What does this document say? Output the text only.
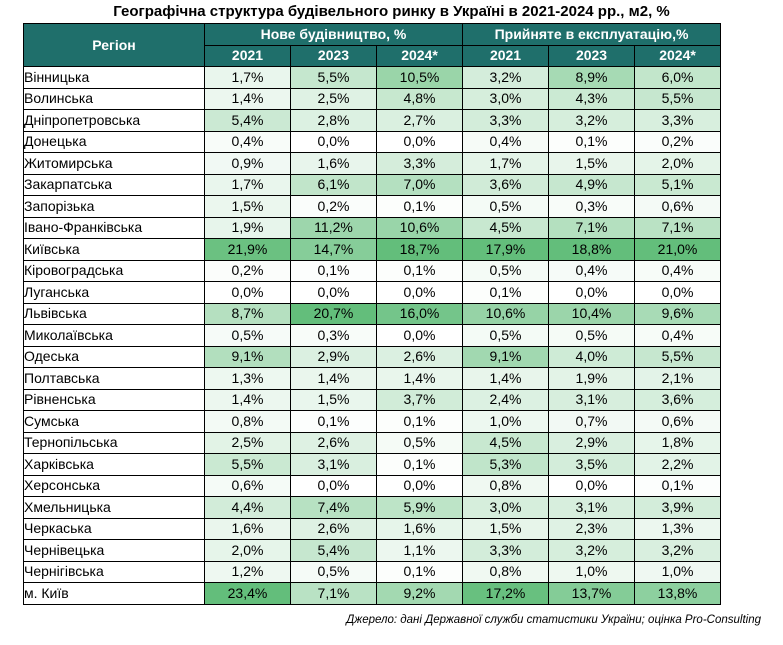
Географічна структура будівельного ринку в Україні в 2021-2024 рр., м2, %
Регіон	Нове будівництво, %			Прийняте в експлуатацію,%		
	2021	2023	2024*	2021	2023	2024*
Вінницька	1,7%	5,5%	10,5%	3,2%	8,9%	6,0%
Волинська	1,4%	2,5%	4,8%	3,0%	4,3%	5,5%
Дніпропетровська	5,4%	2,8%	2,7%	3,3%	3,2%	3,3%
Донецька	0,4%	0,0%	0,0%	0,4%	0,1%	0,2%
Житомирська	0,9%	1,6%	3,3%	1,7%	1,5%	2,0%
Закарпатська	1,7%	6,1%	7,0%	3,6%	4,9%	5,1%
Запорізька	1,5%	0,2%	0,1%	0,5%	0,3%	0,6%
Івано-Франківська	1,9%	11,2%	10,6%	4,5%	7,1%	7,1%
Київська	21,9%	14,7%	18,7%	17,9%	18,8%	21,0%
Кіровоградська	0,2%	0,1%	0,1%	0,5%	0,4%	0,4%
Луганська	0,0%	0,0%	0,0%	0,1%	0,0%	0,0%
Львівська	8,7%	20,7%	16,0%	10,6%	10,4%	9,6%
Миколаївська	0,5%	0,3%	0,0%	0,5%	0,5%	0,4%
Одеська	9,1%	2,9%	2,6%	9,1%	4,0%	5,5%
Полтавська	1,3%	1,4%	1,4%	1,4%	1,9%	2,1%
Рівненська	1,4%	1,5%	3,7%	2,4%	3,1%	3,6%
Сумська	0,8%	0,1%	0,1%	1,0%	0,7%	0,6%
Тернопільська	2,5%	2,6%	0,5%	4,5%	2,9%	1,8%
Харківська	5,5%	3,1%	0,1%	5,3%	3,5%	2,2%
Херсонська	0,6%	0,0%	0,0%	0,8%	0,0%	0,1%
Хмельницька	4,4%	7,4%	5,9%	3,0%	3,1%	3,9%
Черкаська	1,6%	2,6%	1,6%	1,5%	2,3%	1,3%
Чернівецька	2,0%	5,4%	1,1%	3,3%	3,2%	3,2%
Чернігівська	1,2%	0,5%	0,1%	0,8%	1,0%	1,0%
м. Київ	23,4%	7,1%	9,2%	17,2%	13,7%	13,8%
Джерело: дані Державної служби статистики України; оцінка Pro-Consulting
